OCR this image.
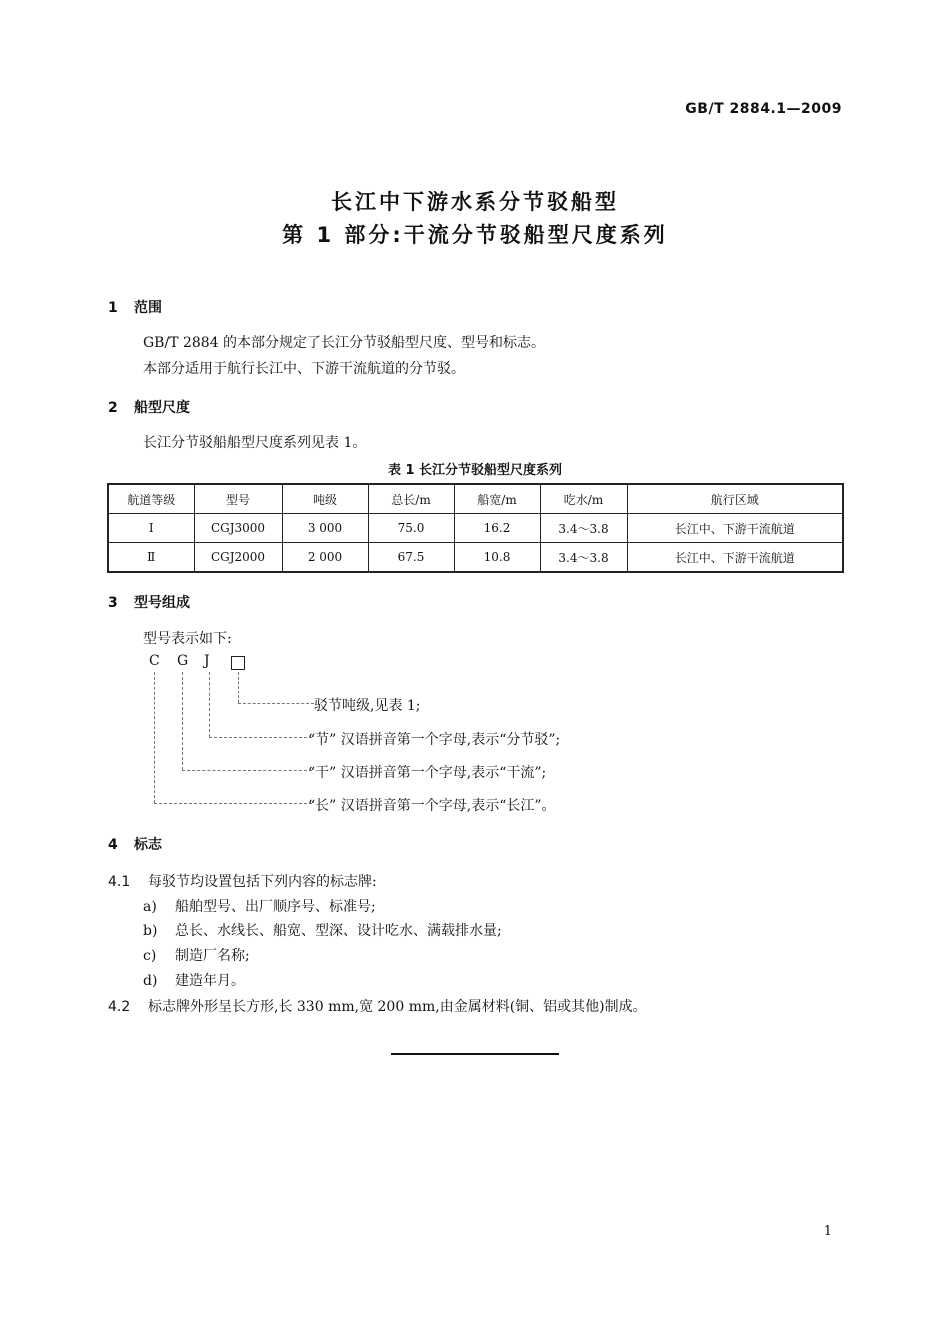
GB/T 2884.1—2009
长江中下游水系分节驳船型
第 1 部分:干流分节驳船型尺度系列
1 范围
GB/T 2884 的本部分规定了长江分节驳船型尺度、型号和标志。
本部分适用于航行长江中、下游干流航道的分节驳。
2 船型尺度
长江分节驳船船型尺度系列见表 1。
表 1 长江分节驳船型尺度系列
航道等级	型号	吨级	总长/m	船宽/m	吃水/m	航行区域
Ⅰ	CGJ3000	3 000	75.0	16.2	3.4～3.8	长江中、下游干流航道
Ⅱ	CGJ2000	2 000	67.5	10.8	3.4～3.8	长江中、下游干流航道
3 型号组成
型号表示如下:
C G J
驳节吨级,见表 1;
“节” 汉语拼音第一个字母,表示“分节驳”;
“干” 汉语拼音第一个字母,表示“干流”;
“长” 汉语拼音第一个字母,表示“长江”。
4 标志
4.1 每驳节均设置包括下列内容的标志牌:
a) 船舶型号、出厂顺序号、标准号;
b) 总长、水线长、船宽、型深、设计吃水、满载排水量;
c) 制造厂名称;
d) 建造年月。
4.2 标志牌外形呈长方形,长 330 mm,宽 200 mm,由金属材料(铜、铝或其他)制成。
1
